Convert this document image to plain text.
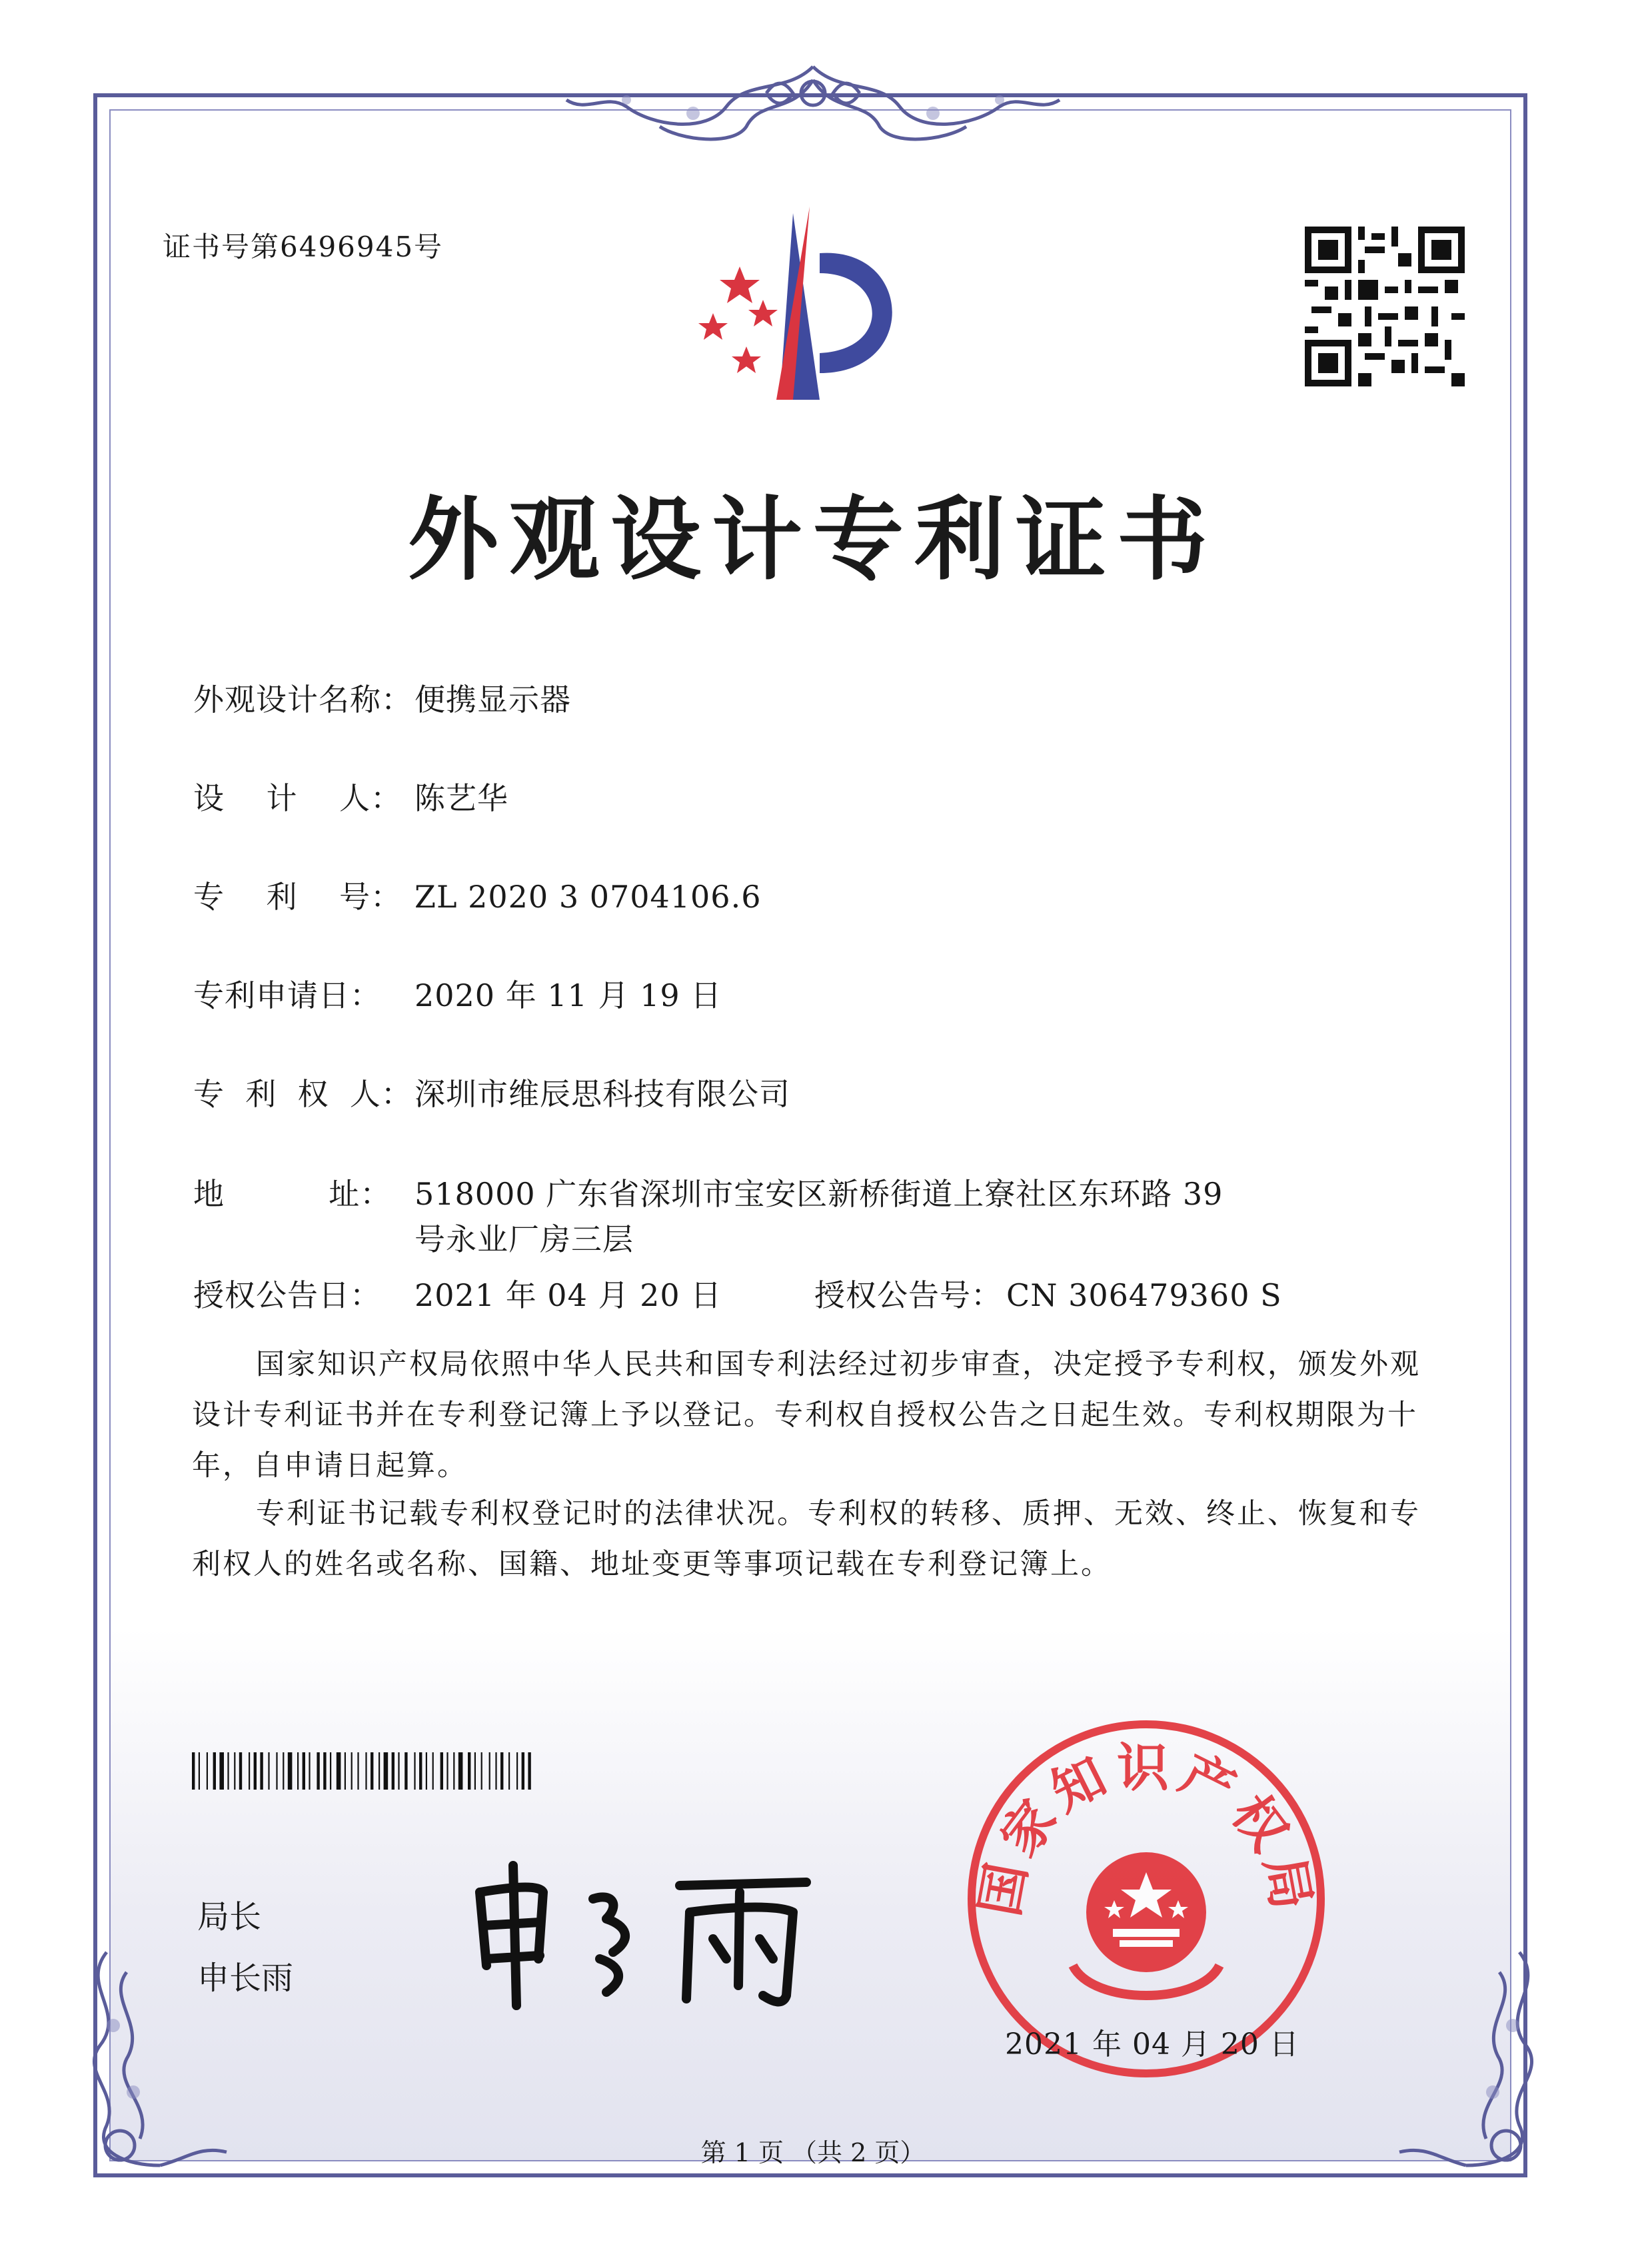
证书号第6496945号
外观设计专利证书
外观设计名称：便携显示器
设    计    人： 陈艺华
专    利    号： ZL 2020 3 0704106.6
专利申请日： 2020 年 11 月 19 日
专  利  权  人：深圳市维辰思科技有限公司
地          址： 518000 广东省深圳市宝安区新桥街道上寮社区东环路 39
号永业厂房三层
授权公告日： 2021 年 04 月 20 日	授权公告号： CN 306479360 S
国家知识产权局依照中华人民共和国专利法经过初步审查，决定授予专利权，颁发外观设计专利证书并在专利登记簿上予以登记。专利权自授权公告之日起生效。专利权期限为十年，自申请日起算。
专利证书记载专利权登记时的法律状况。专利权的转移、质押、无效、终止、恢复和专利权人的姓名或名称、国籍、地址变更等事项记载在专利登记簿上。
局长
申长雨
国家知识产权局
2021 年 04 月 20 日
第 1 页 （共 2 页）
